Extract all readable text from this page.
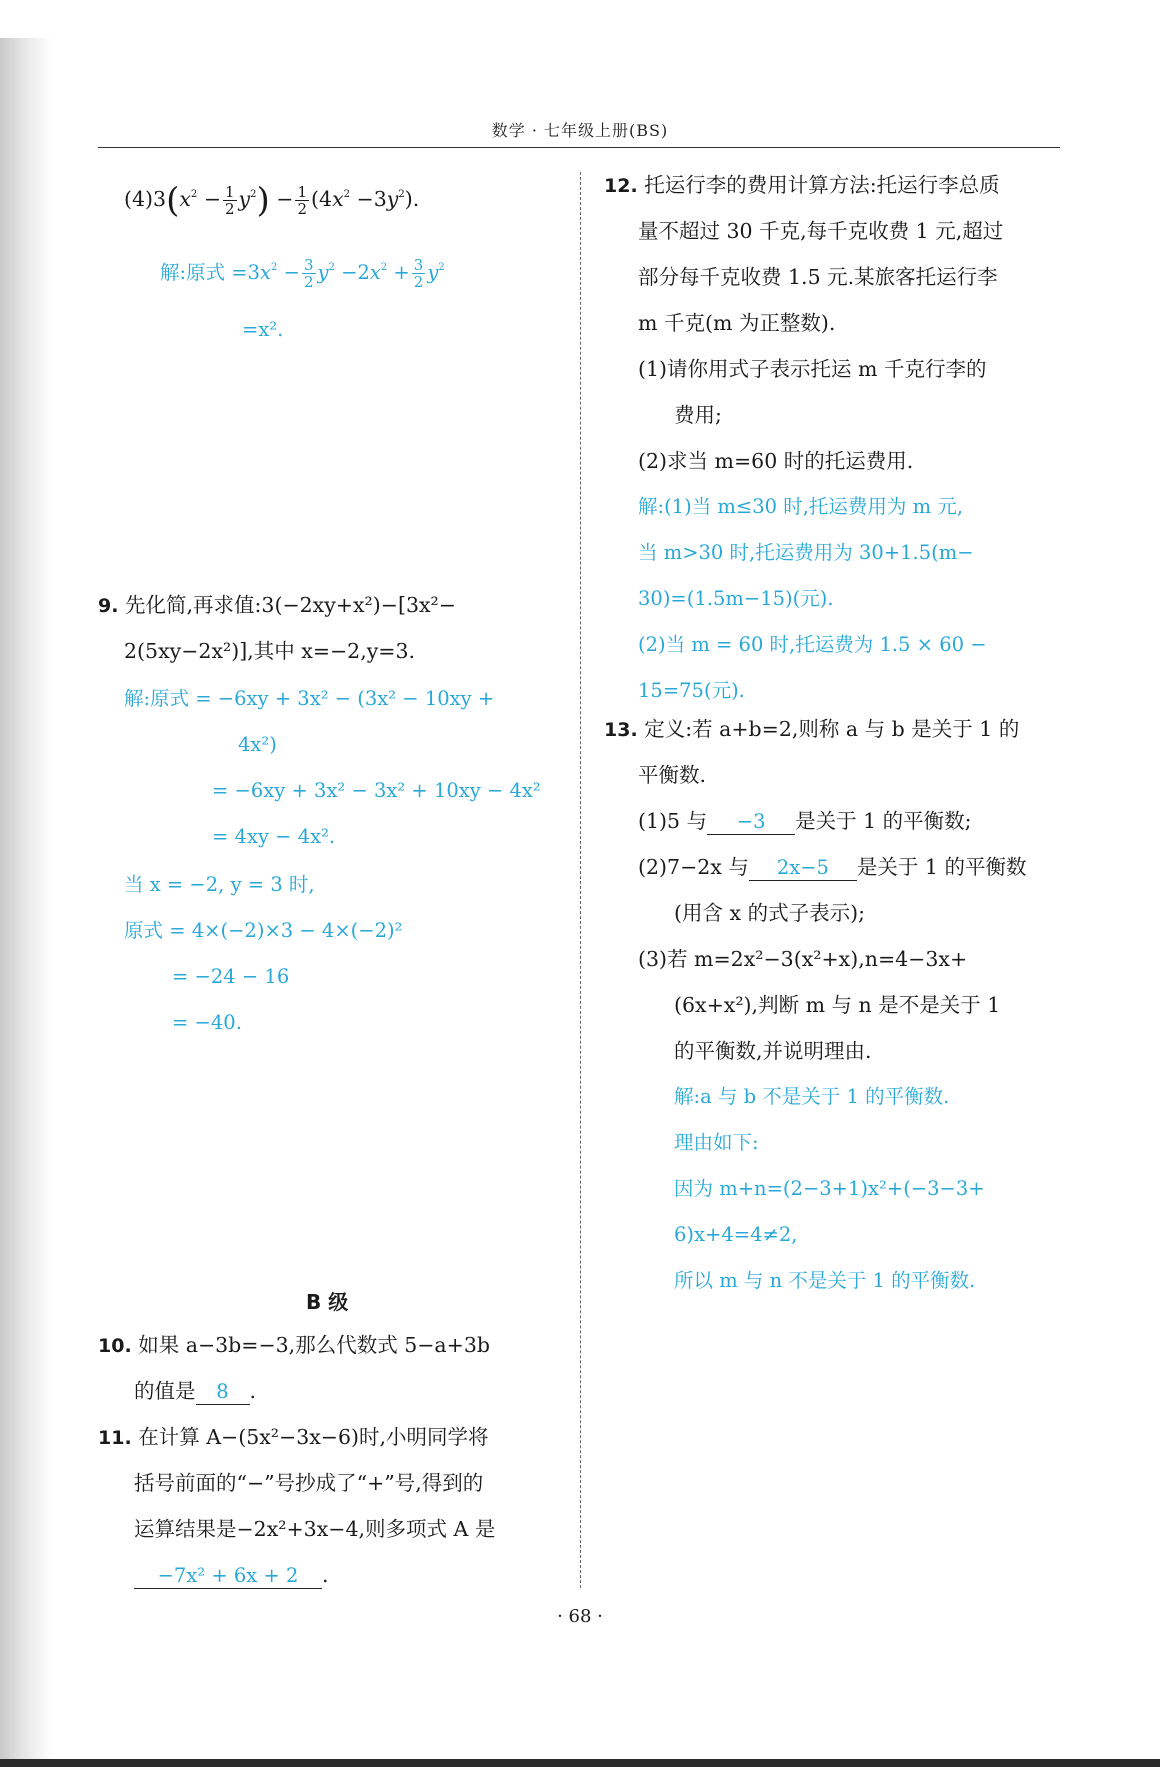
数学 · 七年级上册(BS)
$(4)3(x^2 - \frac{1}{2} y^2) - \frac{1}{2} (4x^2 -3y^2)$.
解:原式 $=3x^2 - \frac{3}{2} y^2 -2x^2 + \frac{3}{2} y^2$
=x².
9. 先化简,再求值:3(−2xy+x²)−[3x²−
2(5xy−2x²)],其中 x=−2,y=3.
解:原式 = −6xy + 3x² − (3x² − 10xy +
4x²)
= −6xy + 3x² − 3x² + 10xy − 4x²
= 4xy − 4x².
当 x = −2, y = 3 时,
原式 = 4×(−2)×3 − 4×(−2)²
= −24 − 16
= −40.
B 级
10. 如果 a−3b=−3,那么代数式 5−a+3b
的值是 8 .
11. 在计算 A−(5x²−3x−6)时,小明同学将
括号前面的“−”号抄成了“+”号,得到的
运算结果是−2x²+3x−4,则多项式 A 是
−7x² + 6x + 2 .
12. 托运行李的费用计算方法:托运行李总质
量不超过 30 千克,每千克收费 1 元,超过
部分每千克收费 1.5 元.某旅客托运行李
m 千克(m 为正整数).
(1)请你用式子表示托运 m 千克行李的
费用;
(2)求当 m=60 时的托运费用.
解:(1)当 m≤30 时,托运费用为 m 元,
当 m>30 时,托运费用为 30+1.5(m−
30)=(1.5m−15)(元).
(2)当 m = 60 时,托运费为 1.5 × 60 −
15=75(元).
13. 定义:若 a+b=2,则称 a 与 b 是关于 1 的
平衡数.
(1)5 与 −3 是关于 1 的平衡数;
(2)7−2x 与 2x−5 是关于 1 的平衡数
(用含 x 的式子表示);
(3)若 m=2x²−3(x²+x),n=4−3x+
(6x+x²),判断 m 与 n 是不是关于 1
的平衡数,并说明理由.
解:a 与 b 不是关于 1 的平衡数.
理由如下:
因为 m+n=(2−3+1)x²+(−3−3+
6)x+4=4≠2,
所以 m 与 n 不是关于 1 的平衡数.
· 68 ·
